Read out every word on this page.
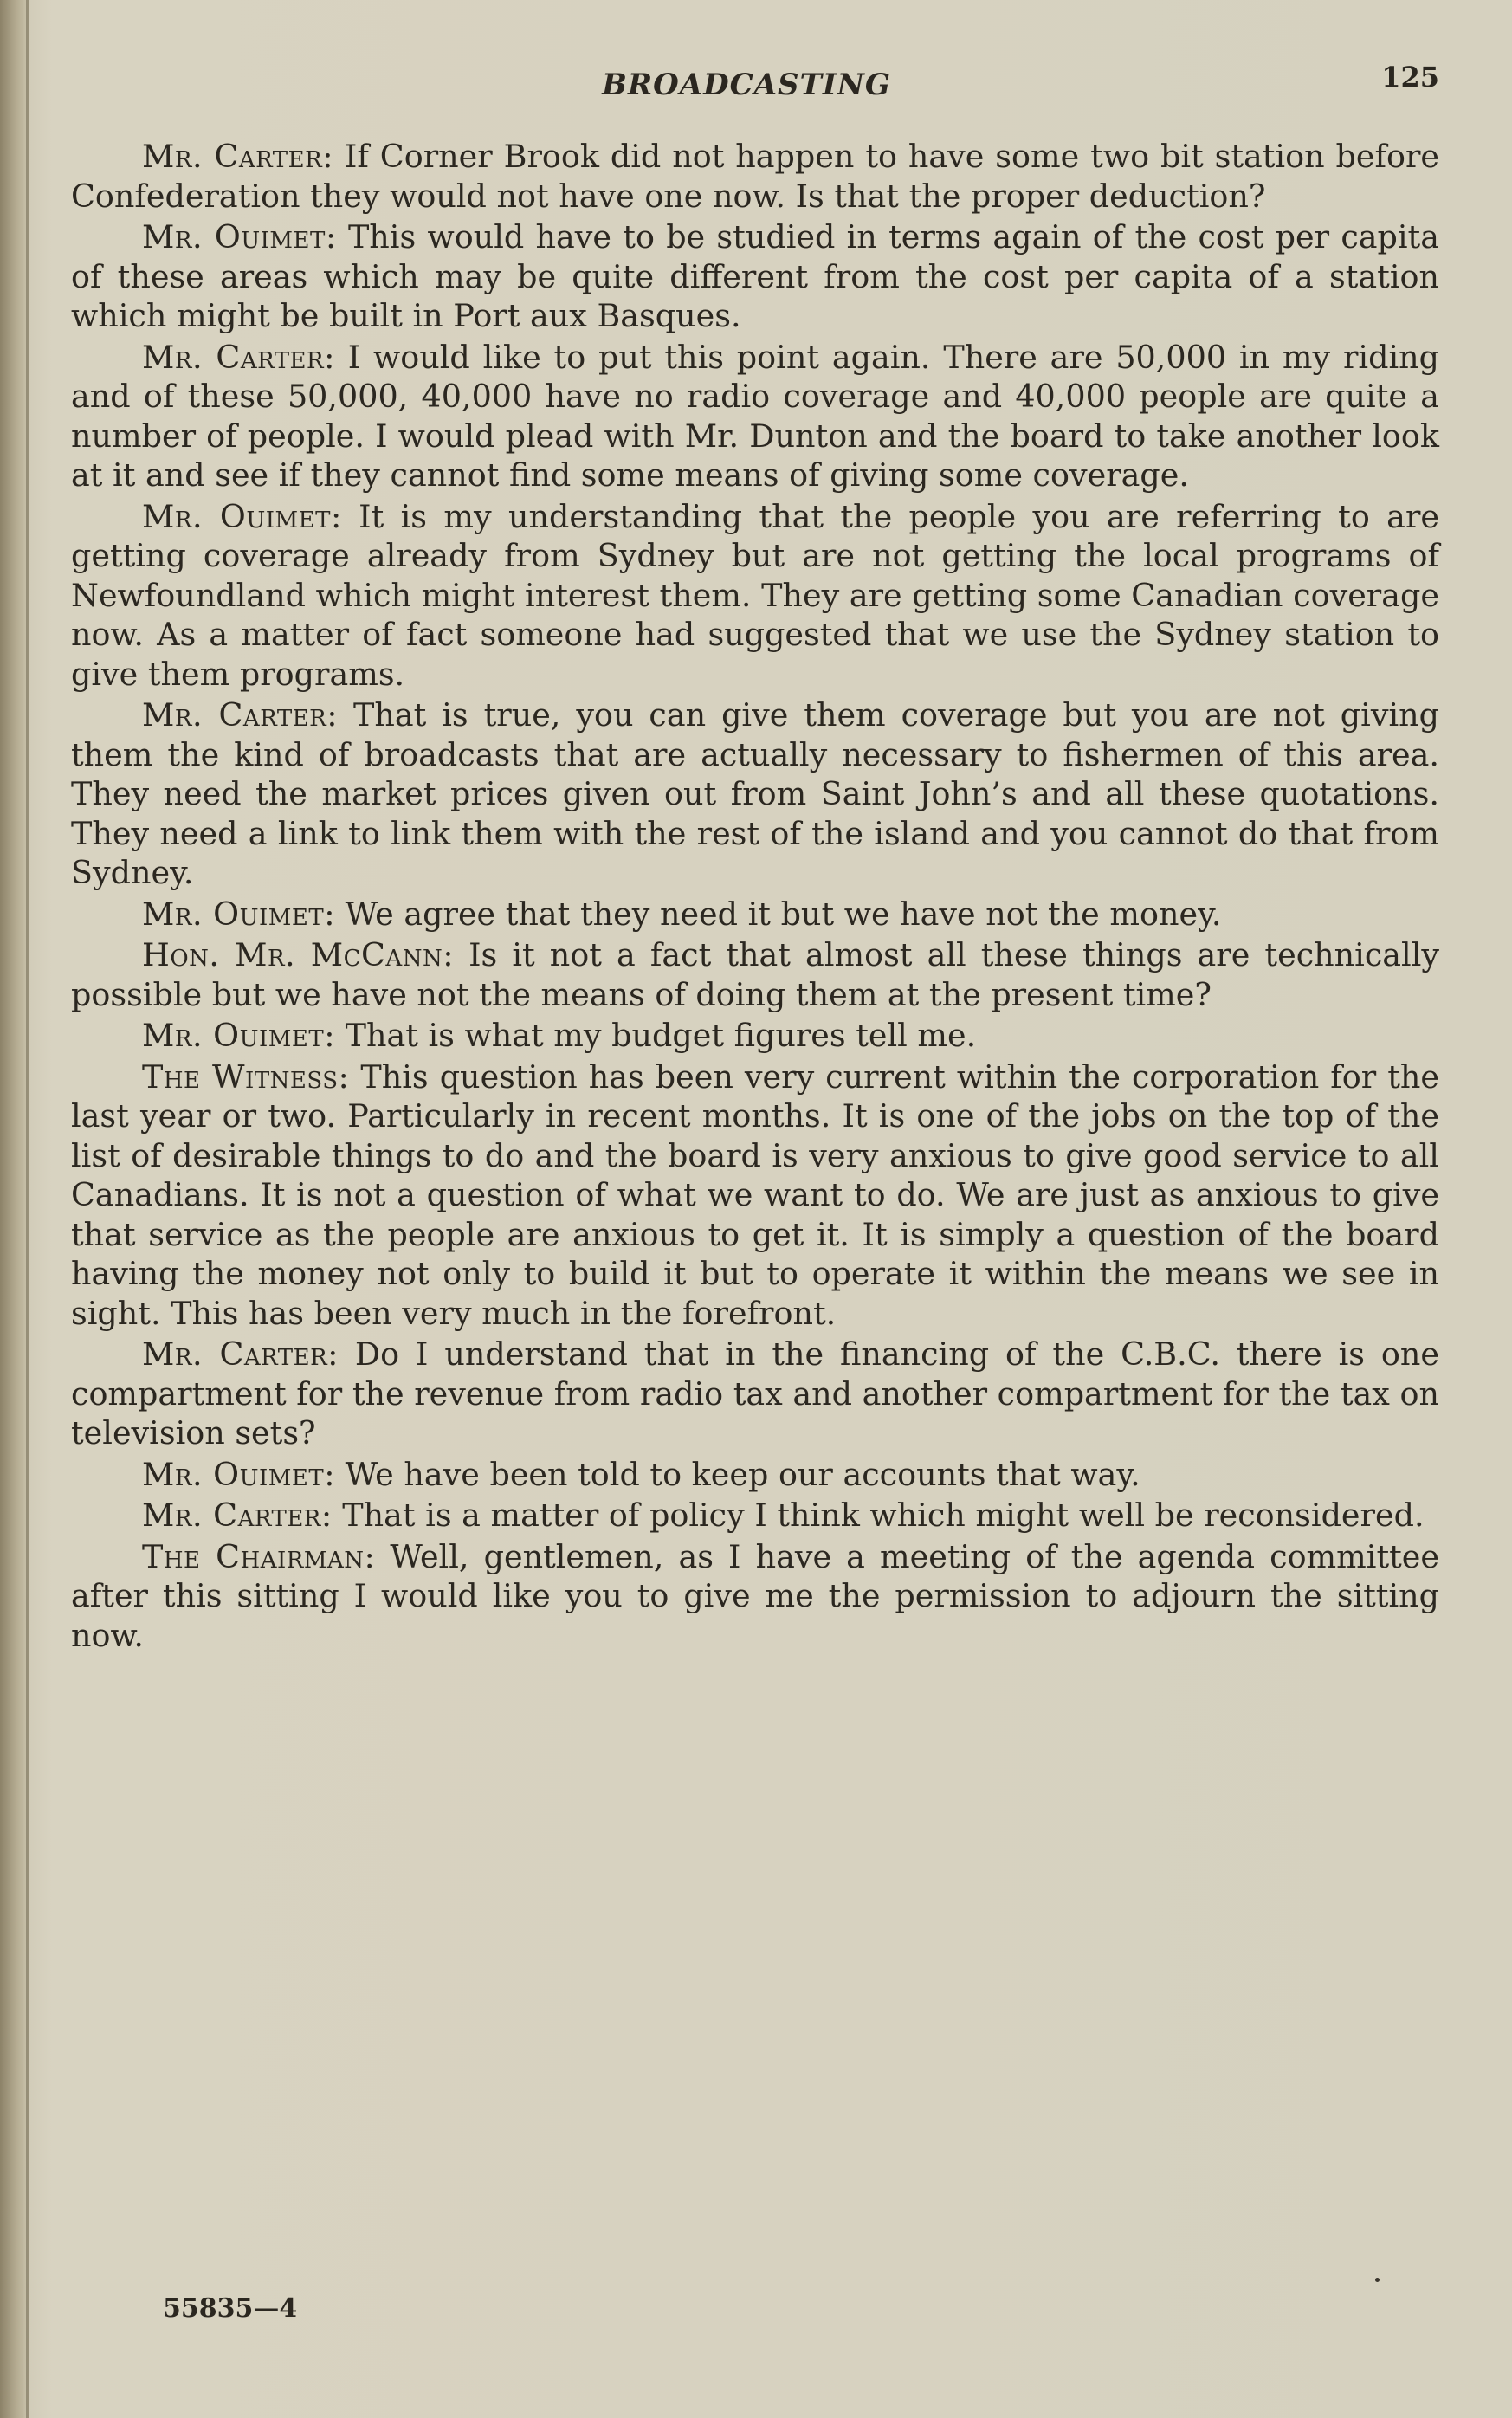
BROADCASTING	125

Mr. Carter: If Corner Brook did not happen to have some two bit station before Confederation they would not have one now. Is that the proper deduction?

Mr. Ouimet: This would have to be studied in terms again of the cost per capita of these areas which may be quite different from the cost per capita of a station which might be built in Port aux Basques.

Mr. Carter: I would like to put this point again. There are 50,000 in my riding and of these 50,000, 40,000 have no radio coverage and 40,000 people are quite a number of people. I would plead with Mr. Dunton and the board to take another look at it and see if they cannot find some means of giving some coverage.

Mr. Ouimet: It is my understanding that the people you are referring to are getting coverage already from Sydney but are not getting the local programs of Newfoundland which might interest them. They are getting some Canadian coverage now. As a matter of fact someone had suggested that we use the Sydney station to give them programs.

Mr. Carter: That is true, you can give them coverage but you are not giving them the kind of broadcasts that are actually necessary to fishermen of this area. They need the market prices given out from Saint John’s and all these quotations. They need a link to link them with the rest of the island and you cannot do that from Sydney.

Mr. Ouimet: We agree that they need it but we have not the money.

Hon. Mr. McCann: Is it not a fact that almost all these things are technically possible but we have not the means of doing them at the present time?

Mr. Ouimet: That is what my budget figures tell me.

The Witness: This question has been very current within the corporation for the last year or two. Particularly in recent months. It is one of the jobs on the top of the list of desirable things to do and the board is very anxious to give good service to all Canadians. It is not a question of what we want to do. We are just as anxious to give that service as the people are anxious to get it. It is simply a question of the board having the money not only to build it but to operate it within the means we see in sight. This has been very much in the forefront.

Mr. Carter: Do I understand that in the financing of the C.B.C. there is one compartment for the revenue from radio tax and another compartment for the tax on television sets?

Mr. Ouimet: We have been told to keep our accounts that way.

Mr. Carter: That is a matter of policy I think which might well be reconsidered.

The Chairman: Well, gentlemen, as I have a meeting of the agenda committee after this sitting I would like you to give me the permission to adjourn the sitting now.

55835—4
